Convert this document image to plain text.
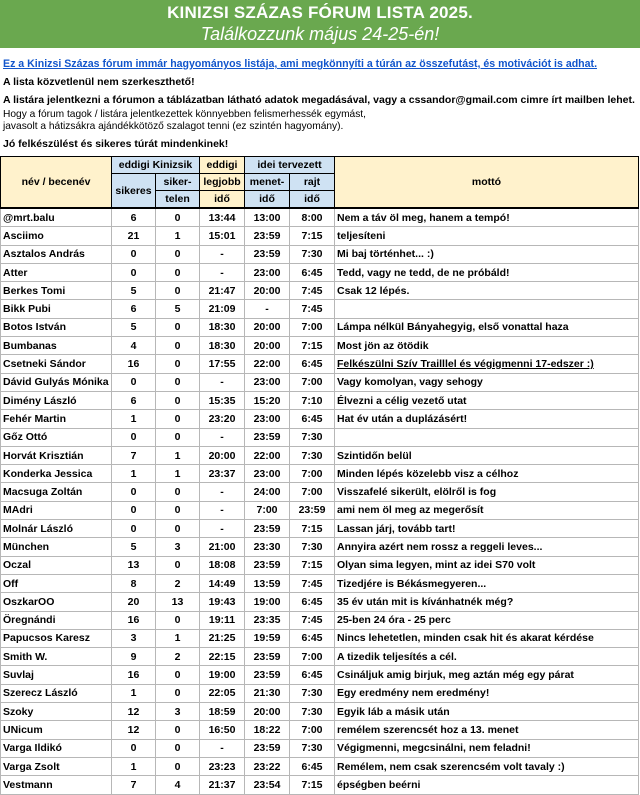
KINIZSI SZÁZAS FÓRUM LISTA 2025.
Találkozzunk május 24-25-én!
Ez a Kinizsi Százas fórum immár hagyományos listája, ami megkönnyíti a túrán az összefutást, és motivációt is adhat.
A lista közvetlenül nem szerkeszthető!
A listára jelentkezni a fórumon a táblázatban látható adatok megadásával, vagy a cssandor@gmail.com cimre írt mailben lehet.
Hogy a fórum tagok / listára jelentkezettek könnyebben felismerhessék egymást,
javasolt a hátizsákra ajándékkötöző szalagot tenni (ez szintén hagyomány).
Jó felkészülést és sikeres túrát mindenkinek!
név / becenév	eddigi Kinizsik		eddigi	idei tervezett		mottó
	sikeres	siker-	legjobb	menet-	rajt	
		telen	idő	idő	idő	
@mrt.balu	6	0	13:44	13:00	8:00	Nem a táv öl meg, hanem a tempó!
Asciimo	21	1	15:01	23:59	7:15	teljesíteni
Asztalos András	0	0	-	23:59	7:30	Mi baj történhet... :)
Atter	0	0	-	23:00	6:45	Tedd, vagy ne tedd, de ne próbáld!
Berkes Tomi	5	0	21:47	20:00	7:45	Csak 12 lépés.
Bikk Pubi	6	5	21:09	-	7:45	
Botos István	5	0	18:30	20:00	7:00	Lámpa nélkül Bányahegyig, első vonattal haza
Bumbanas	4	0	18:30	20:00	7:15	Most jön az ötödik
Csetneki Sándor	16	0	17:55	22:00	6:45	Felkészülni Szív Trailllel és végigmenni 17-edszer :)
Dávid Gulyás Mónika	0	0	-	23:00	7:00	Vagy komolyan, vagy sehogy
Dimény László	6	0	15:35	15:20	7:10	Élvezni a célig vezető utat
Fehér Martin	1	0	23:20	23:00	6:45	Hat év után a duplázásért!
Gőz Ottó	0	0	-	23:59	7:30	
Horvát Krisztián	7	1	20:00	22:00	7:30	Szintidőn belül
Konderka Jessica	1	1	23:37	23:00	7:00	Minden lépés közelebb visz a célhoz
Macsuga Zoltán	0	0	-	24:00	7:00	Visszafelé sikerült, elölről is fog
MAdri	0	0	-	7:00	23:59	ami nem öl meg az megerősít
Molnár László	0	0	-	23:59	7:15	Lassan járj, tovább tart!
München	5	3	21:00	23:30	7:30	Annyira azért nem rossz a reggeli leves...
Oczal	13	0	18:08	23:59	7:15	Olyan sima legyen, mint az idei S70 volt
Off	8	2	14:49	13:59	7:45	Tizedjére is Békásmegyeren...
OszkarOO	20	13	19:43	19:00	6:45	35 év után mit is kívánhatnék még?
Öregnándi	16	0	19:11	23:35	7:45	25-ben 24 óra - 25 perc
Papucsos Karesz	3	1	21:25	19:59	6:45	Nincs lehetetlen, minden csak hit és akarat kérdése
Smith W.	9	2	22:15	23:59	7:00	A tizedik teljesítés a cél.
Suvlaj	16	0	19:00	23:59	6:45	Csináljuk amig birjuk, meg aztán még egy párat
Szerecz László	1	0	22:05	21:30	7:30	Egy eredmény nem eredmény!
Szoky	12	3	18:59	20:00	7:30	Egyik láb a másik után
UNicum	12	0	16:50	18:22	7:00	remélem szerencsét hoz a 13. menet
Varga Ildikó	0	0	-	23:59	7:30	Végigmenni, megcsinálni, nem feladni!
Varga Zsolt	1	0	23:23	23:22	6:45	Remélem, nem csak szerencsém volt tavaly :)
Vestmann	7	4	21:37	23:54	7:15	épségben beérni
